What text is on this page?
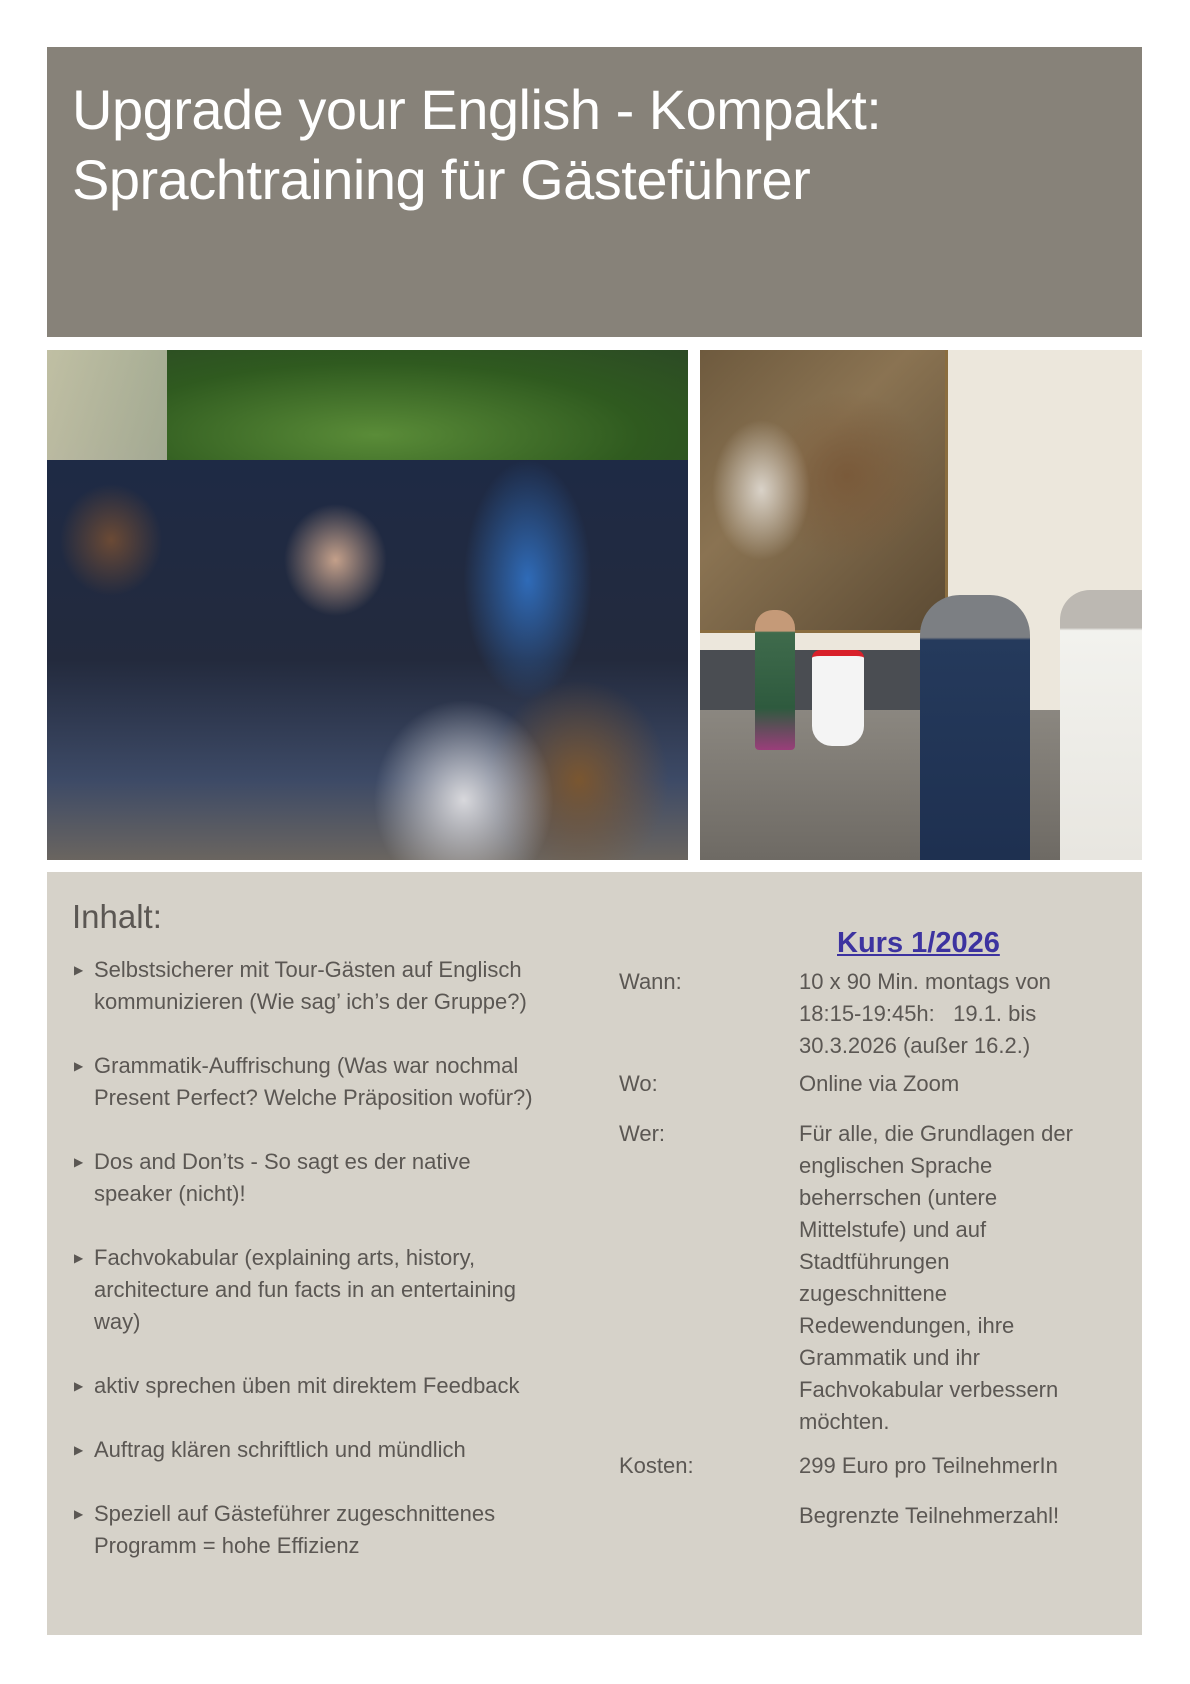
Upgrade your English - Kompakt:
Sprachtraining für Gästeführer
Inhalt:
▶ Selbstsicherer mit Tour-Gästen auf Englisch
kommunizieren (Wie sag’ ich’s der Gruppe?)
▶ Grammatik-Auffrischung (Was war nochmal
Present Perfect? Welche Präposition wofür?)
▶ Dos and Don’ts - So sagt es der native
speaker (nicht)!
▶ Fachvokabular (explaining arts, history,
architecture and fun facts in an entertaining
way)
▶ aktiv sprechen üben mit direktem Feedback
▶ Auftrag klären schriftlich und mündlich
▶ Speziell auf Gästeführer zugeschnittenes
Programm = hohe Effizienz
Kurs 1/2026
Wann:	10 x 90 Min. montags von
18:15-19:45h:   19.1. bis
30.3.2026 (außer 16.2.)
Wo:	Online via Zoom
Wer:	Für alle, die Grundlagen der
englischen Sprache
beherrschen (untere
Mittelstufe) und auf
Stadtführungen
zugeschnittene
Redewendungen, ihre
Grammatik und ihr
Fachvokabular verbessern
möchten.
Kosten:	299 Euro pro TeilnehmerIn
Begrenzte Teilnehmerzahl!
